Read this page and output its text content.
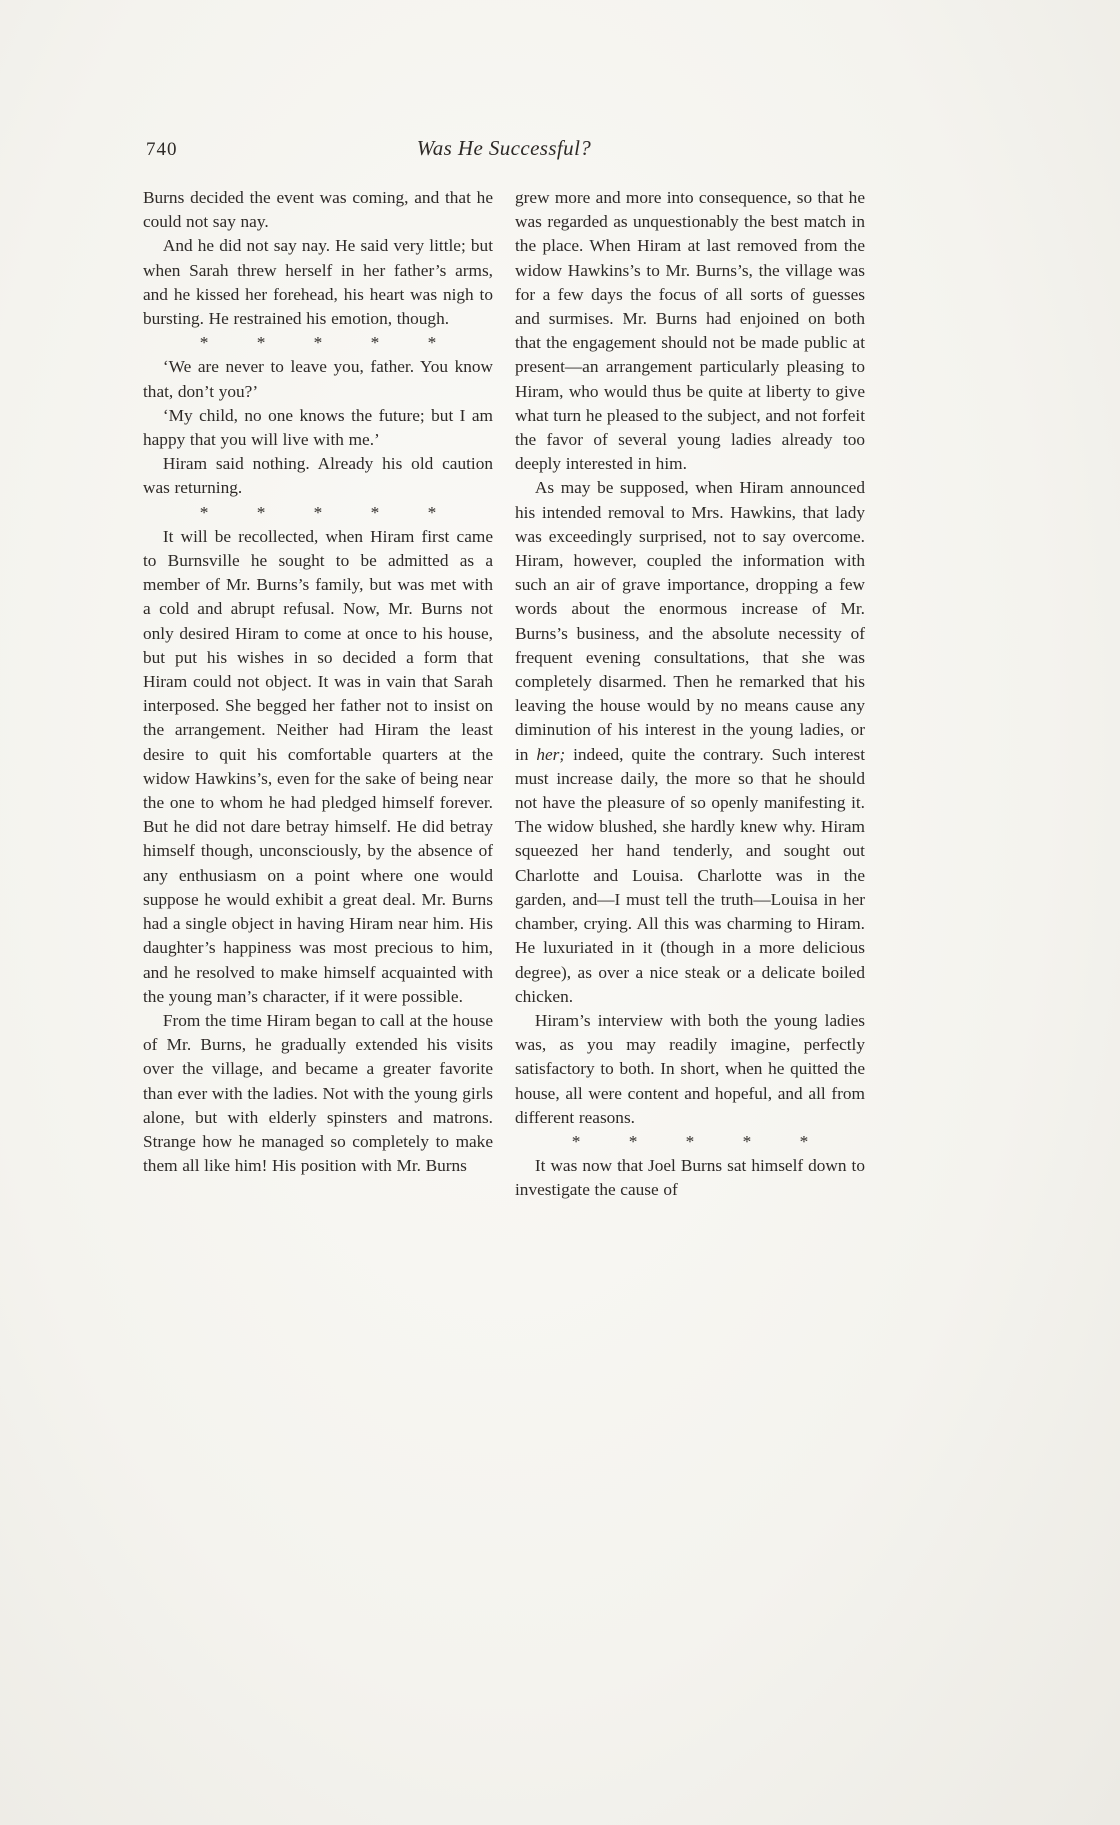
740	Was He Successful?

Burns decided the event was coming, and that he could not say nay.

And he did not say nay. He said very little; but when Sarah threw herself in her father’s arms, and he kissed her forehead, his heart was nigh to bursting. He restrained his emotion, though.

* * * * *

‘We are never to leave you, father. You know that, don’t you?’

‘My child, no one knows the future; but I am happy that you will live with me.’

Hiram said nothing. Already his old caution was returning.

* * * * *

It will be recollected, when Hiram first came to Burnsville he sought to be admitted as a member of Mr. Burns’s family, but was met with a cold and abrupt refusal. Now, Mr. Burns not only desired Hiram to come at once to his house, but put his wishes in so decided a form that Hiram could not object. It was in vain that Sarah interposed. She begged her father not to insist on the arrangement. Neither had Hiram the least desire to quit his comfortable quarters at the widow Hawkins’s, even for the sake of being near the one to whom he had pledged himself forever. But he did not dare betray himself. He did betray himself though, unconsciously, by the absence of any enthusiasm on a point where one would suppose he would exhibit a great deal. Mr. Burns had a single object in having Hiram near him. His daughter’s happiness was most precious to him, and he resolved to make himself acquainted with the young man’s character, if it were possible.

From the time Hiram began to call at the house of Mr. Burns, he gradually extended his visits over the village, and became a greater favorite than ever with the ladies. Not with the young girls alone, but with elderly spinsters and matrons. Strange how he managed so completely to make them all like him! His position with Mr. Burns

grew more and more into consequence, so that he was regarded as unquestionably the best match in the place. When Hiram at last removed from the widow Hawkins’s to Mr. Burns’s, the village was for a few days the focus of all sorts of guesses and surmises. Mr. Burns had enjoined on both that the engagement should not be made public at present—an arrangement particularly pleasing to Hiram, who would thus be quite at liberty to give what turn he pleased to the subject, and not forfeit the favor of several young ladies already too deeply interested in him.

As may be supposed, when Hiram announced his intended removal to Mrs. Hawkins, that lady was exceedingly surprised, not to say overcome. Hiram, however, coupled the information with such an air of grave importance, dropping a few words about the enormous increase of Mr. Burns’s business, and the absolute necessity of frequent evening consultations, that she was completely disarmed. Then he remarked that his leaving the house would by no means cause any diminution of his interest in the young ladies, or in her; indeed, quite the contrary. Such interest must increase daily, the more so that he should not have the pleasure of so openly manifesting it. The widow blushed, she hardly knew why. Hiram squeezed her hand tenderly, and sought out Charlotte and Louisa. Charlotte was in the garden, and—I must tell the truth—Louisa in her chamber, crying. All this was charming to Hiram. He luxuriated in it (though in a more delicious degree), as over a nice steak or a delicate boiled chicken.

Hiram’s interview with both the young ladies was, as you may readily imagine, perfectly satisfactory to both. In short, when he quitted the house, all were content and hopeful, and all from different reasons.

* * * * *

It was now that Joel Burns sat himself down to investigate the cause of
